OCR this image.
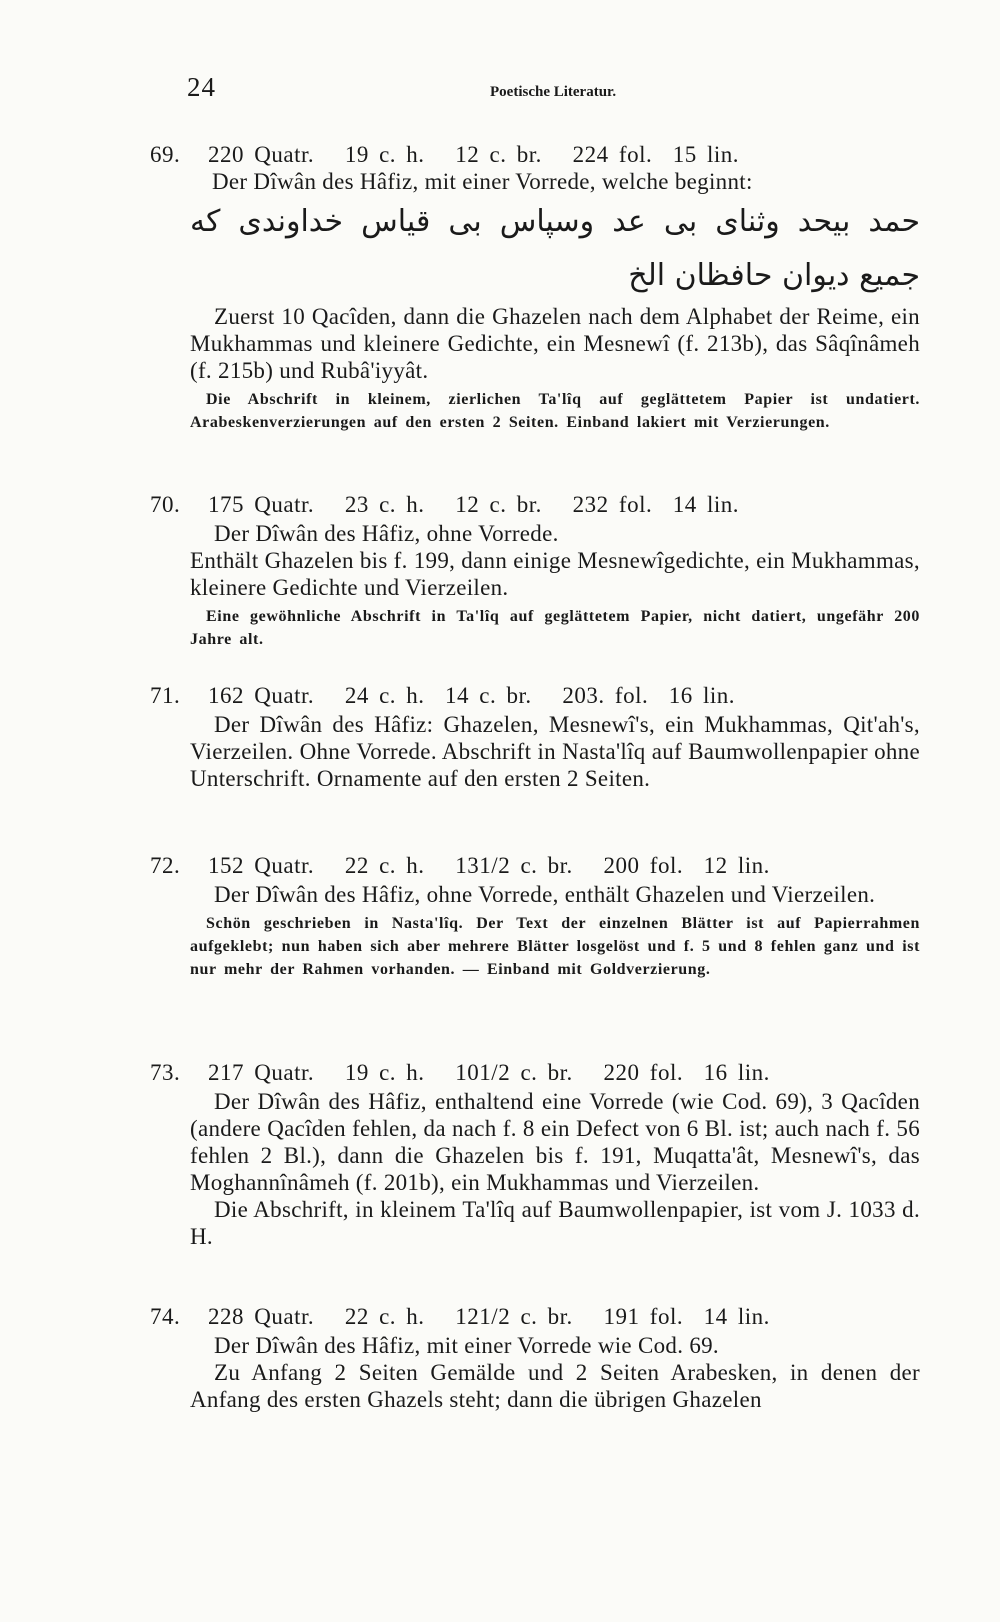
24	Poetische Literatur.
69. 220 Quatr.   19 c. h.   12 c. br.   224 fol.  15 lin.

Der Dîwân des Hâfiz, mit einer Vorrede, welche beginnt:

حمد بيحد وثنای بی عد وسپاس بی قياس خداوندی که

جميع ديوان حافظان الخ

Zuerst 10 Qacîden, dann die Ghazelen nach dem Alphabet der Reime, ein Mukhammas und kleinere Gedichte, ein Mesnewî (f. 213b), das Sâqînâmeh (f. 215b) und Rubâ'iyyât.

Die Abschrift in kleinem, zierlichen Ta'lîq auf geglättetem Papier ist undatiert. Arabeskenverzierungen auf den ersten 2 Seiten. Einband lakiert mit Verzierungen.

70. 175 Quatr.   23 c. h.   12 c. br.   232 fol.  14 lin.

Der Dîwân des Hâfiz, ohne Vorrede.

Enthält Ghazelen bis f. 199, dann einige Mesnewîgedichte, ein Mukhammas, kleinere Gedichte und Vierzeilen.

Eine gewöhnliche Abschrift in Ta'lîq auf geglättetem Papier, nicht datiert, ungefähr 200 Jahre alt.

71. 162 Quatr.   24 c. h.  14 c. br.   203. fol.  16 lin.

Der Dîwân des Hâfiz: Ghazelen, Mesnewî's, ein Mukhammas, Qit'ah's, Vierzeilen. Ohne Vorrede. Abschrift in Nasta'lîq auf Baumwollenpapier ohne Unterschrift. Ornamente auf den ersten 2 Seiten.

72. 152 Quatr.   22 c. h.   131/2 c. br.   200 fol.  12 lin.

Der Dîwân des Hâfiz, ohne Vorrede, enthält Ghazelen und Vierzeilen.

Schön geschrieben in Nasta'lîq. Der Text der einzelnen Blätter ist auf Papierrahmen aufgeklebt; nun haben sich aber mehrere Blätter losgelöst und f. 5 und 8 fehlen ganz und ist nur mehr der Rahmen vorhanden. — Einband mit Goldverzierung.

73. 217 Quatr.   19 c. h.   101/2 c. br.   220 fol.  16 lin.

Der Dîwân des Hâfiz, enthaltend eine Vorrede (wie Cod. 69), 3 Qacîden (andere Qacîden fehlen, da nach f. 8 ein Defect von 6 Bl. ist; auch nach f. 56 fehlen 2 Bl.), dann die Ghazelen bis f. 191, Muqatta'ât, Mesnewî's, das Moghannînâmeh (f. 201b), ein Mukhammas und Vierzeilen.

Die Abschrift, in kleinem Ta'lîq auf Baumwollenpapier, ist vom J. 1033 d. H.

74. 228 Quatr.   22 c. h.   121/2 c. br.   191 fol.  14 lin.

Der Dîwân des Hâfiz, mit einer Vorrede wie Cod. 69.

Zu Anfang 2 Seiten Gemälde und 2 Seiten Arabesken, in denen der Anfang des ersten Ghazels steht; dann die übrigen Ghazelen
